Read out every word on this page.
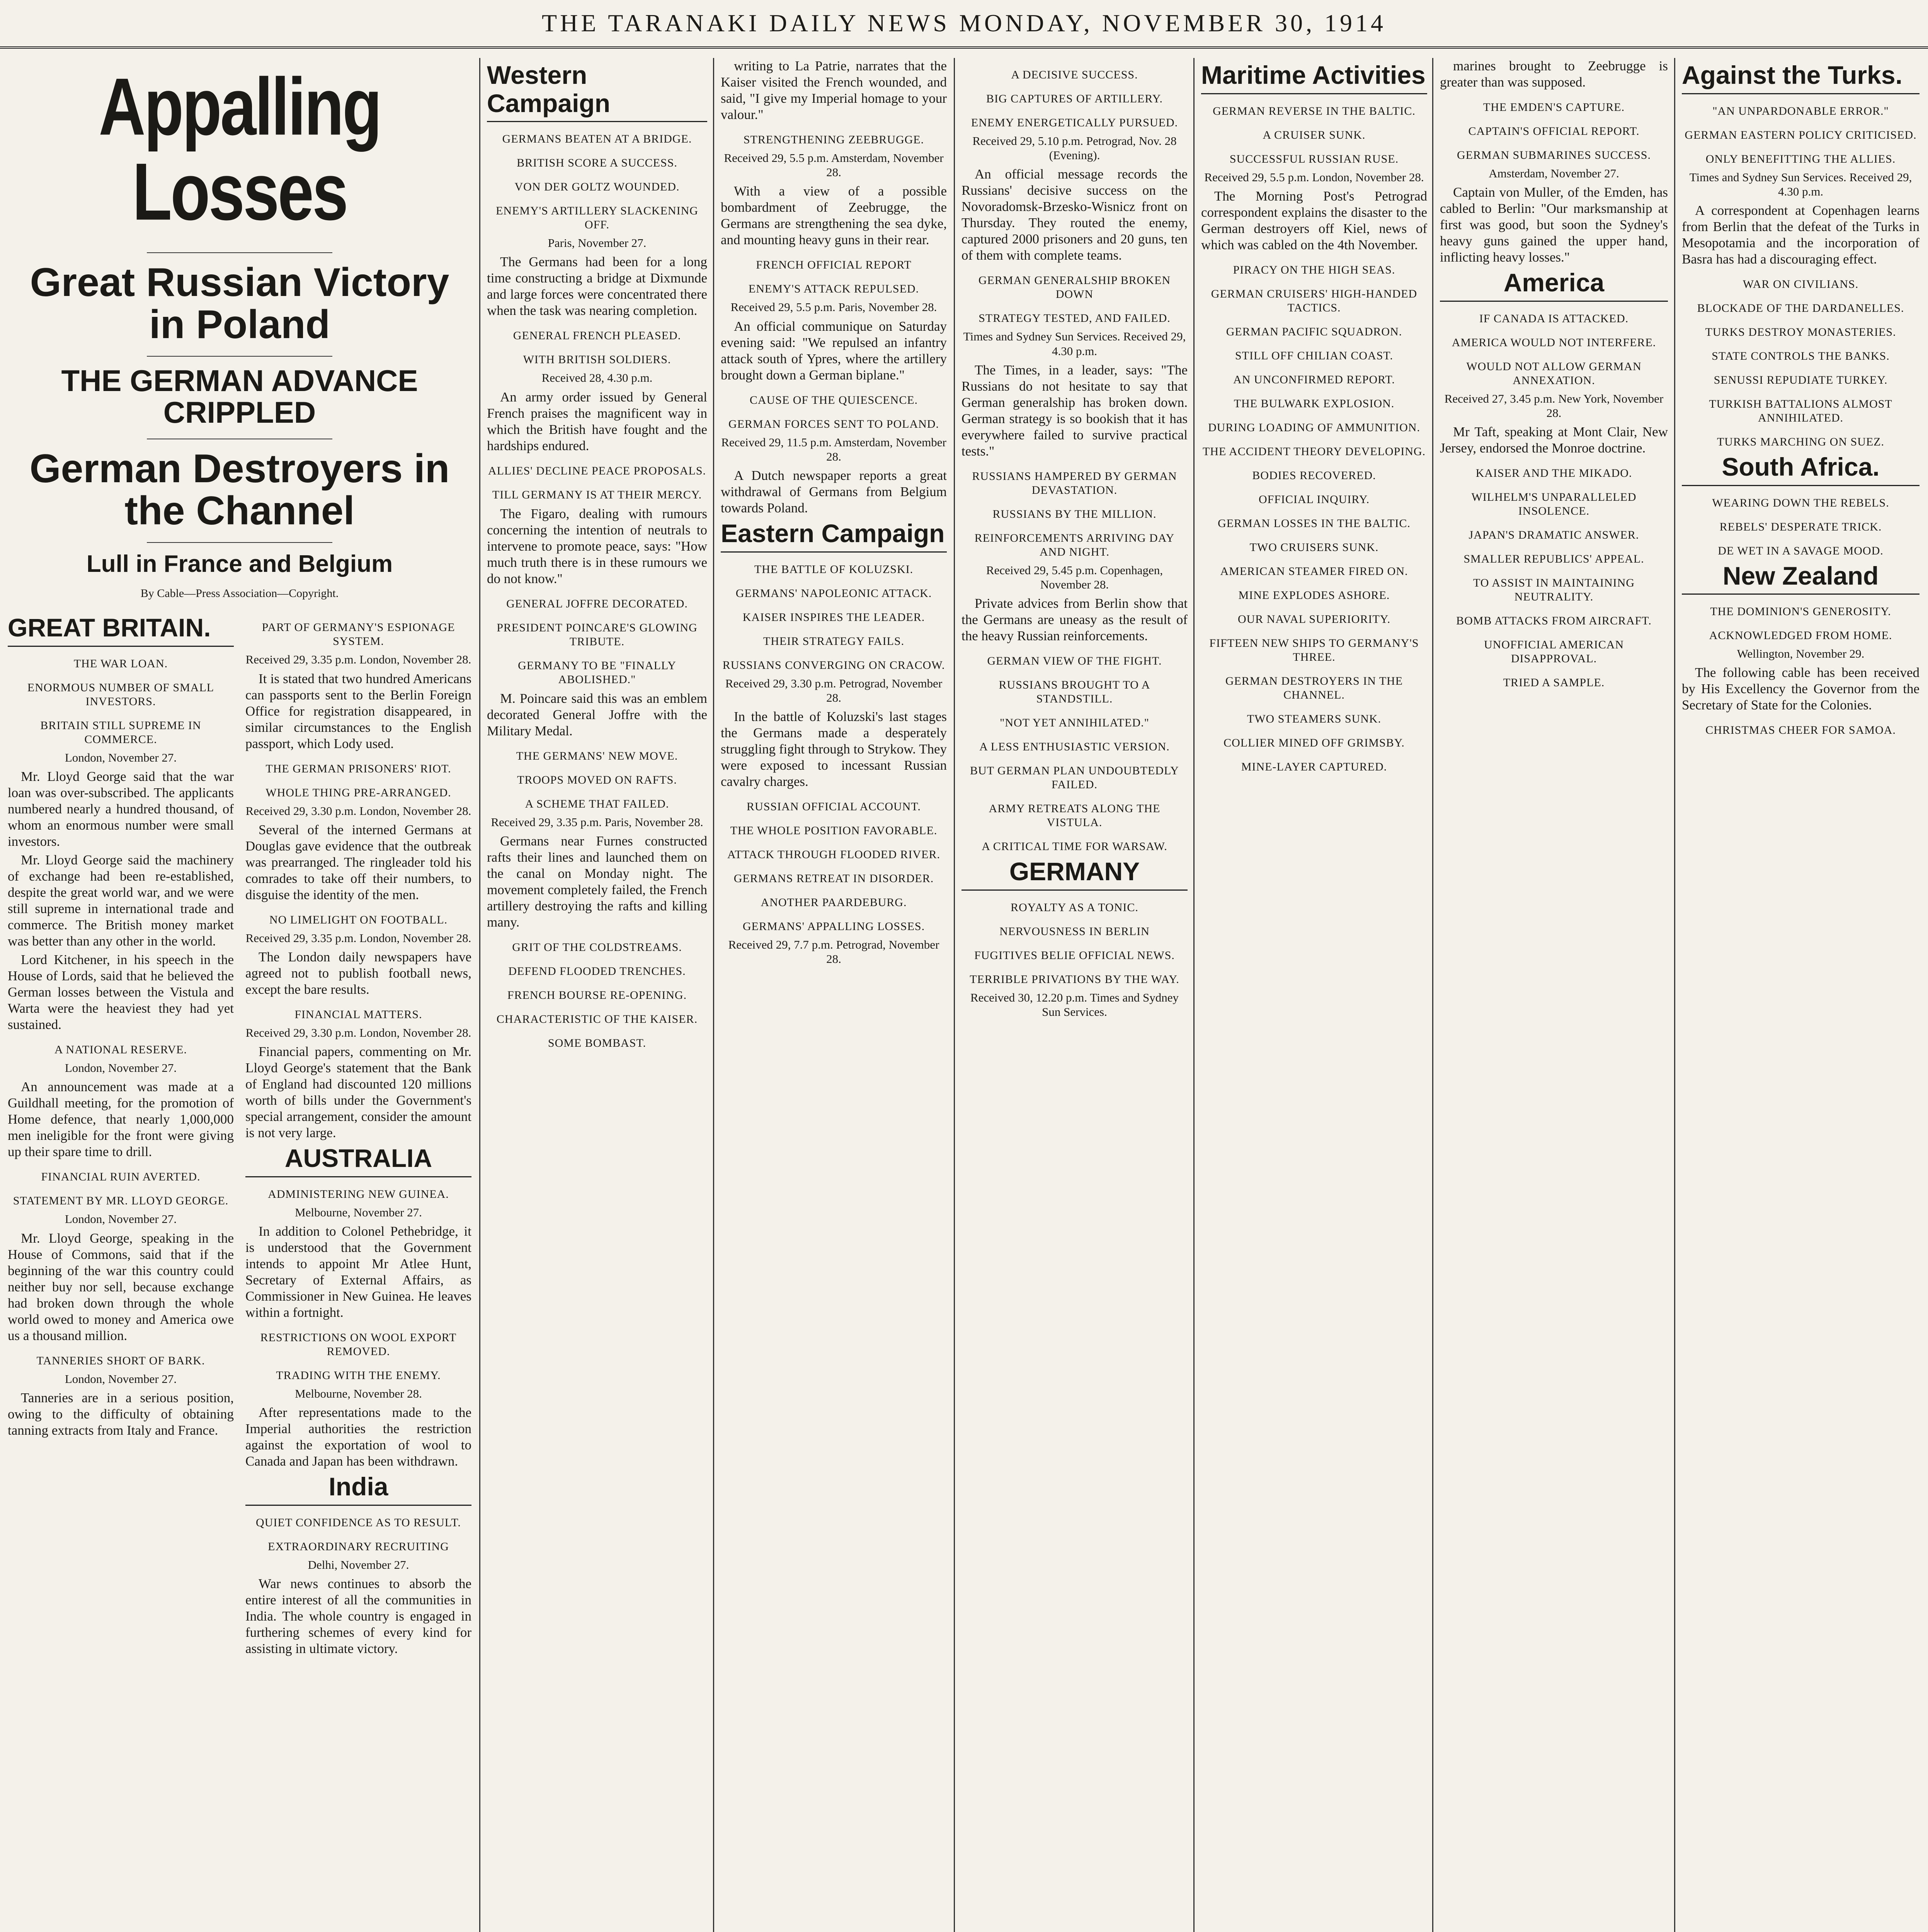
THE TARANAKI DAILY NEWS MONDAY, NOVEMBER 30, 1914
Appalling Losses
Great Russian Victory in Poland
THE GERMAN ADVANCE CRIPPLED
German Destroyers in the Channel
Lull in France and Belgium
By Cable—Press Association—Copyright.
GREAT BRITAIN.
THE WAR LOAN.
ENORMOUS NUMBER OF SMALL INVESTORS.
BRITAIN STILL SUPREME IN COMMERCE.
London, November 27.

Mr. Lloyd George said that the war loan was over-subscribed. The applicants numbered nearly a hundred thousand, of whom an enormous number were small investors.

Mr. Lloyd George said the machinery of exchange had been re-established, despite the great world war, and we were still supreme in international trade and commerce. The British money market was better than any other in the world.

Lord Kitchener, in his speech in the House of Lords, said that he believed the German losses between the Vistula and Warta were the heaviest they had yet sustained.

A NATIONAL RESERVE.
London, November 27.

An announcement was made at a Guildhall meeting, for the promotion of Home defence, that nearly 1,000,000 men ineligible for the front were giving up their spare time to drill.

FINANCIAL RUIN AVERTED.
STATEMENT BY MR. LLOYD GEORGE.
London, November 27.

Mr. Lloyd George, speaking in the House of Commons, said that if the beginning of the war this country could neither buy nor sell, because exchange had broken down through the whole world owed to money and America owe us a thousand million.

TANNERIES SHORT OF BARK.
London, November 27.

Tanneries are in a serious position, owing to the difficulty of obtaining tanning extracts from Italy and France.

PART OF GERMANY'S ESPIONAGE SYSTEM.
Received 29, 3.35 p.m. London, November 28.

It is stated that two hundred Americans can passports sent to the Berlin Foreign Office for registration disappeared, in similar circumstances to the English passport, which Lody used.

THE GERMAN PRISONERS' RIOT.
WHOLE THING PRE-ARRANGED.
Received 29, 3.30 p.m. London, November 28.

Several of the interned Germans at Douglas gave evidence that the outbreak was prearranged. The ringleader told his comrades to take off their numbers, to disguise the identity of the men.

NO LIMELIGHT ON FOOTBALL.
Received 29, 3.35 p.m. London, November 28.

The London daily newspapers have agreed not to publish football news, except the bare results.

FINANCIAL MATTERS.
Received 29, 3.30 p.m. London, November 28.

Financial papers, commenting on Mr. Lloyd George's statement that the Bank of England had discounted 120 millions worth of bills under the Government's special arrangement, consider the amount is not very large.

AUSTRALIA
ADMINISTERING NEW GUINEA.
Melbourne, November 27.

In addition to Colonel Pethebridge, it is understood that the Government intends to appoint Mr Atlee Hunt, Secretary of External Affairs, as Commissioner in New Guinea. He leaves within a fortnight.

RESTRICTIONS ON WOOL EXPORT REMOVED.
TRADING WITH THE ENEMY.
Melbourne, November 28.

After representations made to the Imperial authorities the restriction against the exportation of wool to Canada and Japan has been withdrawn.

India
QUIET CONFIDENCE AS TO RESULT.
EXTRAORDINARY RECRUITING
Delhi, November 27.

War news continues to absorb the entire interest of all the communities in India. The whole country is engaged in furthering schemes of every kind for assisting in ultimate victory.

Western Campaign
GERMANS BEATEN AT A BRIDGE.
BRITISH SCORE A SUCCESS.
VON DER GOLTZ WOUNDED.
ENEMY'S ARTILLERY SLACKENING OFF.
Paris, November 27.

The Germans had been for a long time constructing a bridge at Dixmunde and large forces were concentrated there when the task was nearing completion.

GENERAL FRENCH PLEASED.
WITH BRITISH SOLDIERS.
Received 28, 4.30 p.m.

An army order issued by General French praises the magnificent way in which the British have fought and the hardships endured.

ALLIES' DECLINE PEACE PROPOSALS.
TILL GERMANY IS AT THEIR MERCY.

The Figaro, dealing with rumours concerning the intention of neutrals to intervene to promote peace, says: "How much truth there is in these rumours we do not know."

GENERAL JOFFRE DECORATED.
PRESIDENT POINCARE'S GLOWING TRIBUTE.
GERMANY TO BE "FINALLY ABOLISHED."

M. Poincare said this was an emblem decorated General Joffre with the Military Medal.

THE GERMANS' NEW MOVE.
TROOPS MOVED ON RAFTS.
A SCHEME THAT FAILED.
Received 29, 3.35 p.m. Paris, November 28.

Germans near Furnes constructed rafts their lines and launched them on the canal on Monday night. The movement completely failed, the French artillery destroying the rafts and killing many.

GRIT OF THE COLDSTREAMS.
DEFEND FLOODED TRENCHES.
FRENCH BOURSE RE-OPENING.
CHARACTERISTIC OF THE KAISER.
SOME BOMBAST.

writing to La Patrie, narrates that the Kaiser visited the French wounded, and said, "I give my Imperial homage to your valour."

STRENGTHENING ZEEBRUGGE.
Received 29, 5.5 p.m. Amsterdam, November 28.

With a view of a possible bombardment of Zeebrugge, the Germans are strengthening the sea dyke, and mounting heavy guns in their rear.

FRENCH OFFICIAL REPORT
ENEMY'S ATTACK REPULSED.
Received 29, 5.5 p.m. Paris, November 28.

An official communique on Saturday evening said: "We repulsed an infantry attack south of Ypres, where the artillery brought down a German biplane."

CAUSE OF THE QUIESCENCE.
GERMAN FORCES SENT TO POLAND.
Received 29, 11.5 p.m. Amsterdam, November 28.

A Dutch newspaper reports a great withdrawal of Germans from Belgium towards Poland.

Eastern Campaign
THE BATTLE OF KOLUZSKI.
GERMANS' NAPOLEONIC ATTACK.
KAISER INSPIRES THE LEADER.
THEIR STRATEGY FAILS.
RUSSIANS CONVERGING ON CRACOW.
Received 29, 3.30 p.m. Petrograd, November 28.

In the battle of Koluzski's last stages the Germans made a desperately struggling fight through to Strykow. They were exposed to incessant Russian cavalry charges.

RUSSIAN OFFICIAL ACCOUNT.
THE WHOLE POSITION FAVORABLE.
ATTACK THROUGH FLOODED RIVER.
GERMANS RETREAT IN DISORDER.
ANOTHER PAARDEBURG.
GERMANS' APPALLING LOSSES.
Received 29, 7.7 p.m. Petrograd, November 28.
A DECISIVE SUCCESS.
BIG CAPTURES OF ARTILLERY.
ENEMY ENERGETICALLY PURSUED.
Received 29, 5.10 p.m. Petrograd, Nov. 28 (Evening).

An official message records the Russians' decisive success on the Novoradomsk-Brzesko-Wisnicz front on Thursday. They routed the enemy, captured 2000 prisoners and 20 guns, ten of them with complete teams.

GERMAN GENERALSHIP BROKEN DOWN
STRATEGY TESTED, AND FAILED.
Times and Sydney Sun Services. Received 29, 4.30 p.m.

The Times, in a leader, says: "The Russians do not hesitate to say that German generalship has broken down. German strategy is so bookish that it has everywhere failed to survive practical tests."

RUSSIANS HAMPERED BY GERMAN DEVASTATION.
RUSSIANS BY THE MILLION.
REINFORCEMENTS ARRIVING DAY AND NIGHT.
Received 29, 5.45 p.m. Copenhagen, November 28.

Private advices from Berlin show that the Germans are uneasy as the result of the heavy Russian reinforcements.

GERMAN VIEW OF THE FIGHT.
RUSSIANS BROUGHT TO A STANDSTILL.
"NOT YET ANNIHILATED."
A LESS ENTHUSIASTIC VERSION.
BUT GERMAN PLAN UNDOUBTEDLY FAILED.
ARMY RETREATS ALONG THE VISTULA.
A CRITICAL TIME FOR WARSAW.
GERMANY
ROYALTY AS A TONIC.
NERVOUSNESS IN BERLIN
FUGITIVES BELIE OFFICIAL NEWS.
TERRIBLE PRIVATIONS BY THE WAY.
Received 30, 12.20 p.m. Times and Sydney Sun Services.
Maritime Activities
GERMAN REVERSE IN THE BALTIC.
A CRUISER SUNK.
SUCCESSFUL RUSSIAN RUSE.
Received 29, 5.5 p.m. London, November 28.

The Morning Post's Petrograd correspondent explains the disaster to the German destroyers off Kiel, news of which was cabled on the 4th November.

PIRACY ON THE HIGH SEAS.
GERMAN CRUISERS' HIGH-HANDED TACTICS.
GERMAN PACIFIC SQUADRON.
STILL OFF CHILIAN COAST.
AN UNCONFIRMED REPORT.
THE BULWARK EXPLOSION.
DURING LOADING OF AMMUNITION.
THE ACCIDENT THEORY DEVELOPING.
BODIES RECOVERED.
OFFICIAL INQUIRY.
GERMAN LOSSES IN THE BALTIC.
TWO CRUISERS SUNK.
AMERICAN STEAMER FIRED ON.
MINE EXPLODES ASHORE.
OUR NAVAL SUPERIORITY.
FIFTEEN NEW SHIPS TO GERMANY'S THREE.
GERMAN DESTROYERS IN THE CHANNEL.
TWO STEAMERS SUNK.
COLLIER MINED OFF GRIMSBY.
MINE-LAYER CAPTURED.

marines brought to Zeebrugge is greater than was supposed.

THE EMDEN'S CAPTURE.
CAPTAIN'S OFFICIAL REPORT.
GERMAN SUBMARINES SUCCESS.
Amsterdam, November 27.

Captain von Muller, of the Emden, has cabled to Berlin: "Our marksmanship at first was good, but soon the Sydney's heavy guns gained the upper hand, inflicting heavy losses."

America
IF CANADA IS ATTACKED.
AMERICA WOULD NOT INTERFERE.
WOULD NOT ALLOW GERMAN ANNEXATION.
Received 27, 3.45 p.m. New York, November 28.

Mr Taft, speaking at Mont Clair, New Jersey, endorsed the Monroe doctrine.

KAISER AND THE MIKADO.
WILHELM'S UNPARALLELED INSOLENCE.
JAPAN'S DRAMATIC ANSWER.
SMALLER REPUBLICS' APPEAL.
TO ASSIST IN MAINTAINING NEUTRALITY.
BOMB ATTACKS FROM AIRCRAFT.
UNOFFICIAL AMERICAN DISAPPROVAL.
TRIED A SAMPLE.
Against the Turks.
"AN UNPARDONABLE ERROR."
GERMAN EASTERN POLICY CRITICISED.
ONLY BENEFITTING THE ALLIES.
Times and Sydney Sun Services. Received 29, 4.30 p.m.

A correspondent at Copenhagen learns from Berlin that the defeat of the Turks in Mesopotamia and the incorporation of Basra has had a discouraging effect.

WAR ON CIVILIANS.
BLOCKADE OF THE DARDANELLES.
TURKS DESTROY MONASTERIES.
STATE CONTROLS THE BANKS.
SENUSSI REPUDIATE TURKEY.
TURKISH BATTALIONS ALMOST ANNIHILATED.
TURKS MARCHING ON SUEZ.
South Africa.
WEARING DOWN THE REBELS.
REBELS' DESPERATE TRICK.
DE WET IN A SAVAGE MOOD.
New Zealand
THE DOMINION'S GENEROSITY.
ACKNOWLEDGED FROM HOME.
Wellington, November 29.

The following cable has been received by His Excellency the Governor from the Secretary of State for the Colonies.

CHRISTMAS CHEER FOR SAMOA.
